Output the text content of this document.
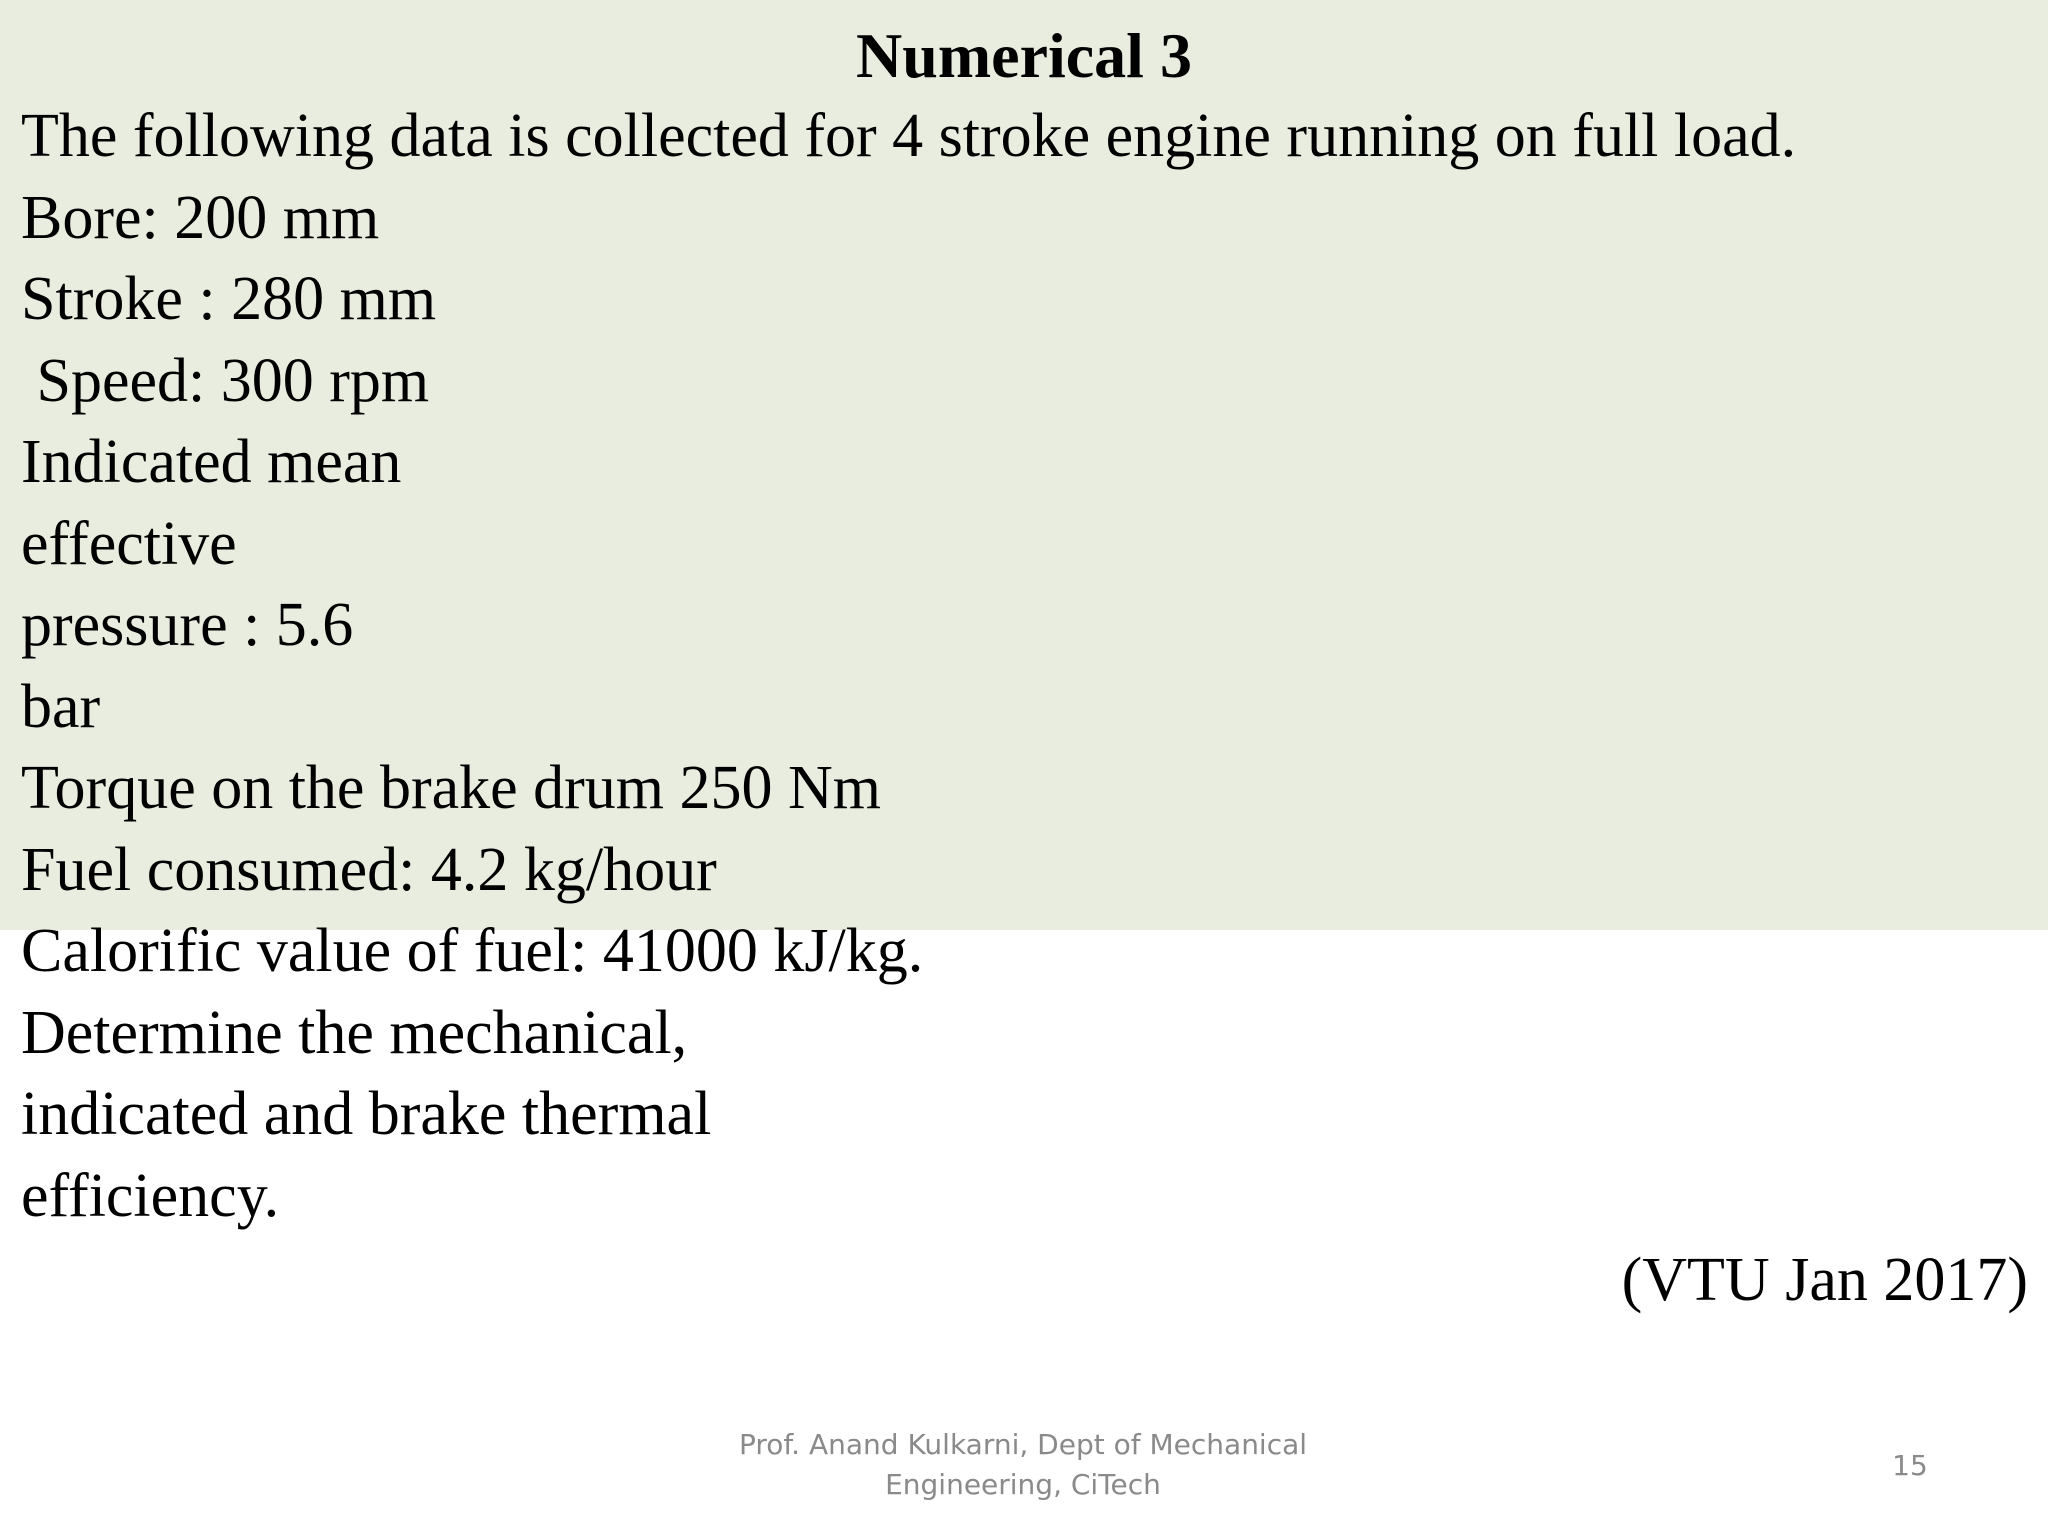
Numerical 3
The following data is collected for 4 stroke engine running on full load.
Bore: 200 mm
Stroke : 280 mm
Speed: 300 rpm
Indicated mean
effective
pressure : 5.6
bar
Torque on the brake drum 250 Nm
Fuel consumed: 4.2 kg/hour
Calorific value of fuel: 41000 kJ/kg.
Determine the mechanical,
indicated and brake thermal
efficiency.
(VTU Jan 2017)
Prof. Anand Kulkarni, Dept of Mechanical
Engineering, CiTech
15
